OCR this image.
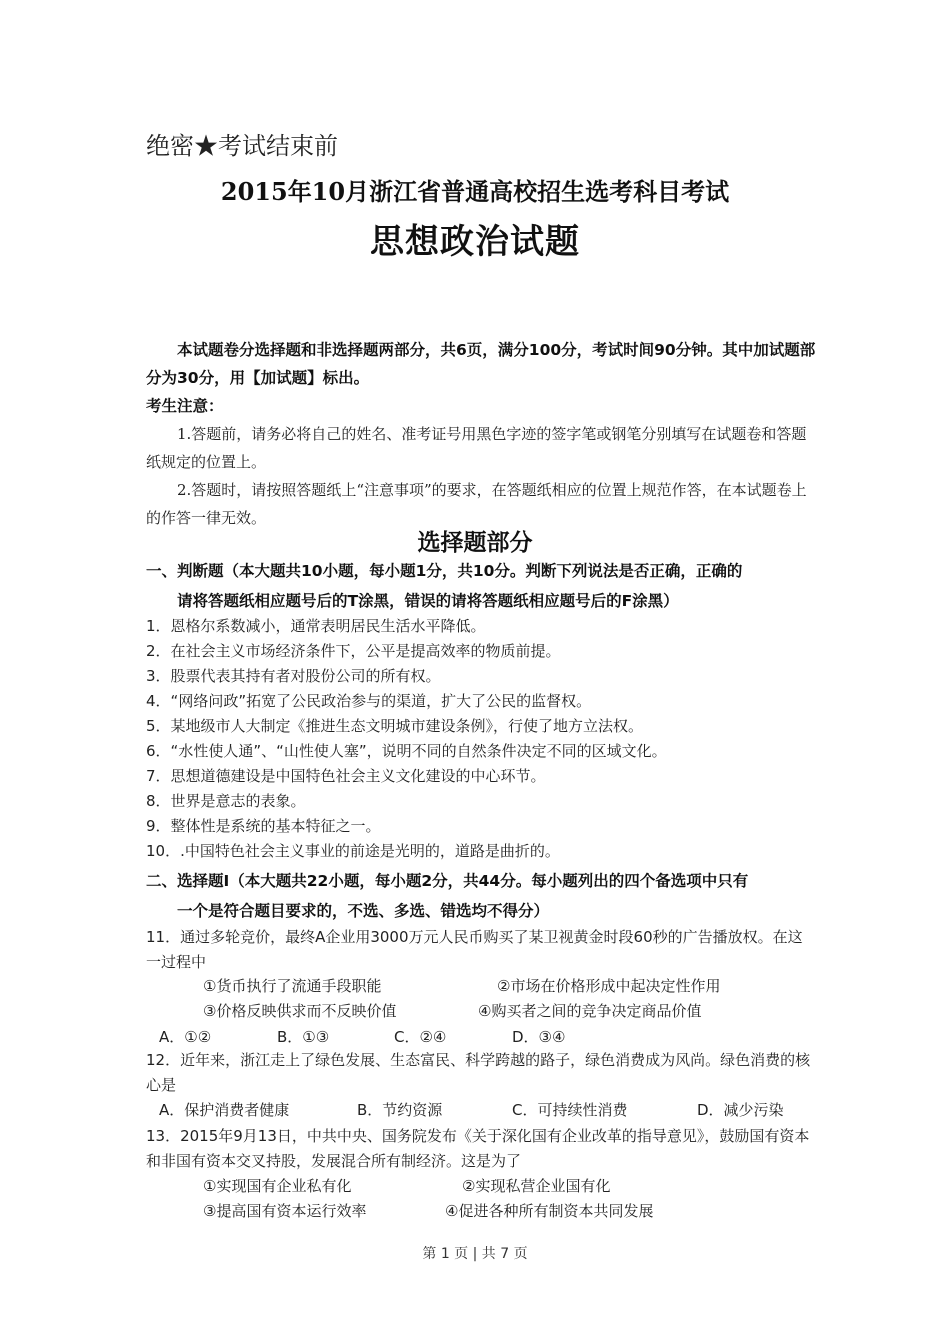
绝密★考试结束前
2015年10月浙江省普通高校招生选考科目考试
思想政治试题

本试题卷分选择题和非选择题两部分，共6页，满分100分，考试时间90分钟。其中加试题部分为30分，用【加试题】标出。

考生注意：

1.答题前，请务必将自己的姓名、准考证号用黑色字迹的签字笔或钢笔分别填写在试题卷和答题纸规定的位置上。

2.答题时，请按照答题纸上“注意事项”的要求，在答题纸相应的位置上规范作答，在本试题卷上的作答一律无效。

选择题部分
一、判断题（本大题共10小题，每小题1分，共10分。判断下列说法是否正确，正确的
请将答题纸相应题号后的T涂黑，错误的请将答题纸相应题号后的F涂黑）
1．恩格尔系数减小，通常表明居民生活水平降低。
2．在社会主义市场经济条件下，公平是提高效率的物质前提。
3．股票代表其持有者对股份公司的所有权。
4．“网络问政”拓宽了公民政治参与的渠道，扩大了公民的监督权。
5．某地级市人大制定《推进生态文明城市建设条例》，行使了地方立法权。
6．“水性使人通”、“山性使人塞”，说明不同的自然条件决定不同的区域文化。
7．思想道德建设是中国特色社会主义文化建设的中心环节。
8．世界是意志的表象。
9．整体性是系统的基本特征之一。
10．.中国特色社会主义事业的前途是光明的，道路是曲折的。
二、选择题Ⅰ（本大题共22小题，每小题2分，共44分。每小题列出的四个备选项中只有
一个是符合题目要求的，不选、多选、错选均不得分）
11．通过多轮竞价，最终A企业用3000万元人民币购买了某卫视黄金时段60秒的广告播放权。在这一过程中
①货币执行了流通手段职能	②市场在价格形成中起决定性作用
③价格反映供求而不反映价值	④购买者之间的竞争决定商品价值
A．①②	B．①③	C．②④	D．③④
12．近年来，浙江走上了绿色发展、生态富民、科学跨越的路子，绿色消费成为风尚。绿色消费的核心是
A．保护消费者健康	B．节约资源	C．可持续性消费	D．减少污染
13．2015年9月13日，中共中央、国务院发布《关于深化国有企业改革的指导意见》，鼓励国有资本和非国有资本交叉持股，发展混合所有制经济。这是为了
①实现国有企业私有化	②实现私营企业国有化
③提高国有资本运行效率	④促进各种所有制资本共同发展
第 1 页 | 共 7 页
